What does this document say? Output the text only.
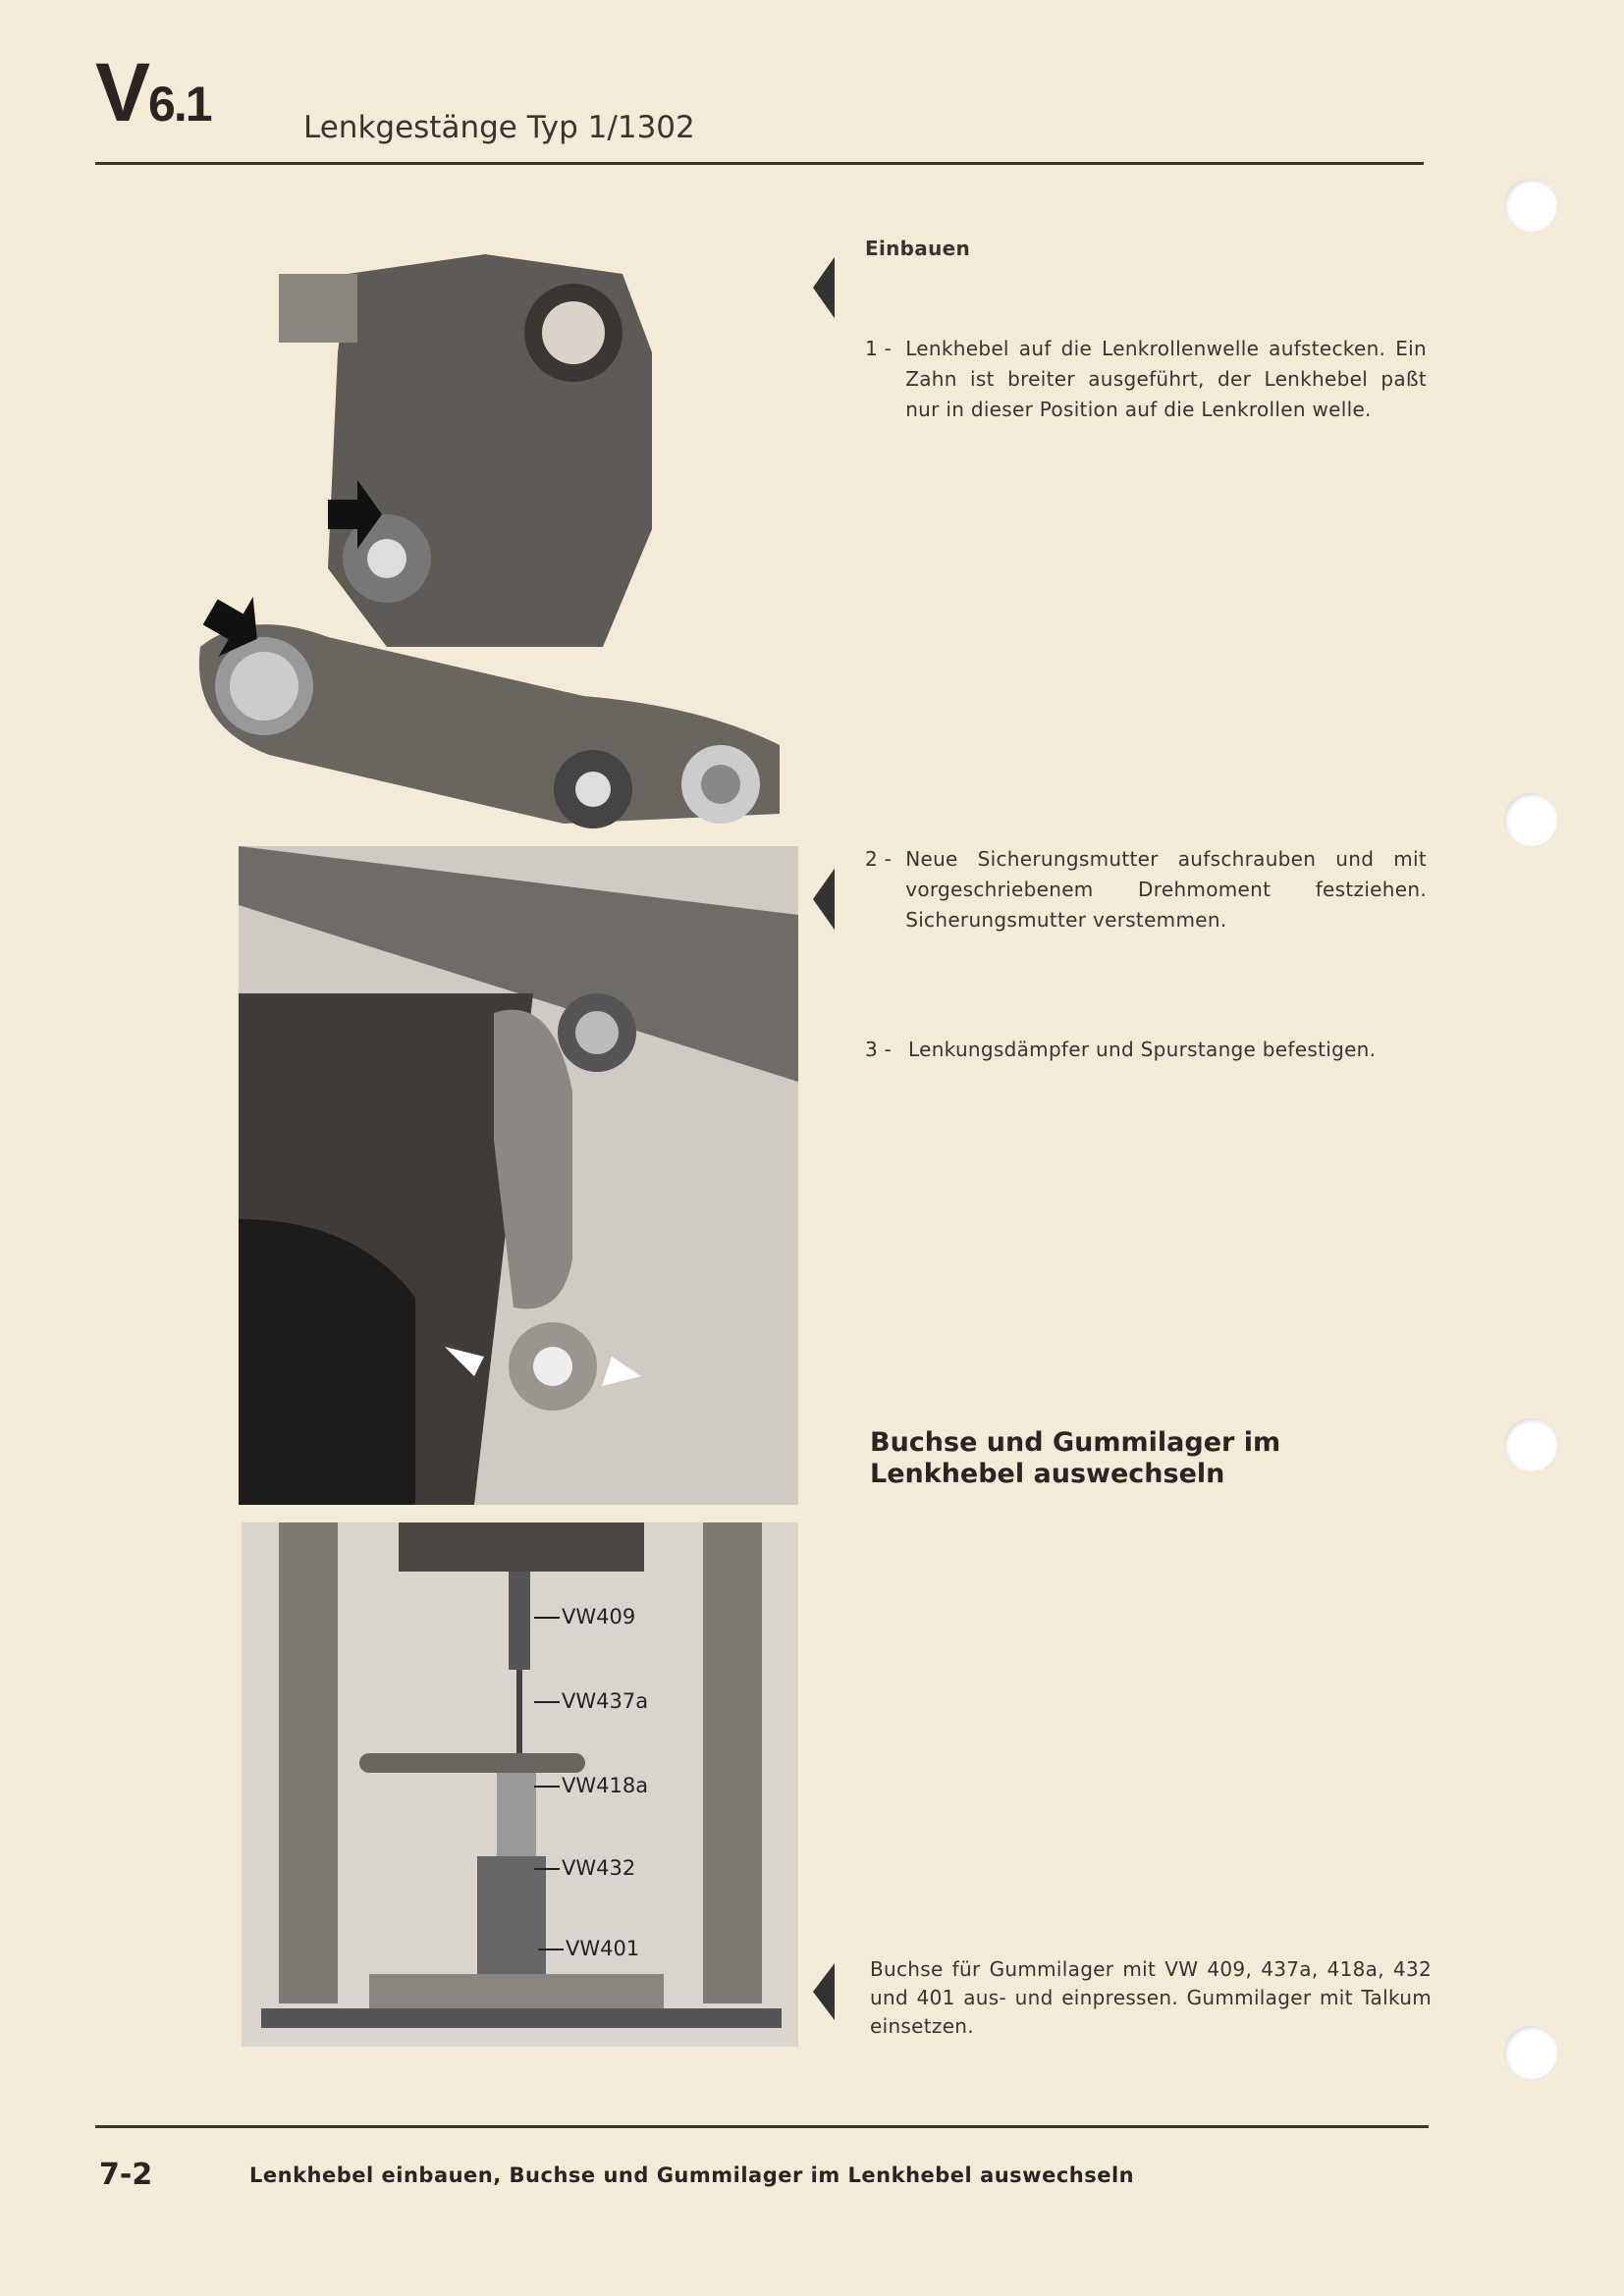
V6.1	Lenkgestänge Typ 1/1302
VW409
VW437a
VW418a
VW432
VW401
Einbauen
1 - Lenkhebel auf die Lenkrollenwelle aufstecken. Ein Zahn ist breiter ausgeführt, der Lenkhebel paßt nur in dieser Position auf die Lenkrollen welle.
2 - Neue Sicherungsmutter aufschrauben und mit vorgeschriebenem Drehmoment festziehen. Sicherungsmutter verstemmen.
3 - Lenkungsdämpfer und Spurstange befestigen.
Buchse und Gummilager im Lenkhebel auswechseln
Buchse für Gummilager mit VW 409, 437a, 418a, 432 und 401 aus- und einpressen. Gummilager mit Talkum einsetzen.
7-2	Lenkhebel einbauen, Buchse und Gummilager im Lenkhebel auswechseln
